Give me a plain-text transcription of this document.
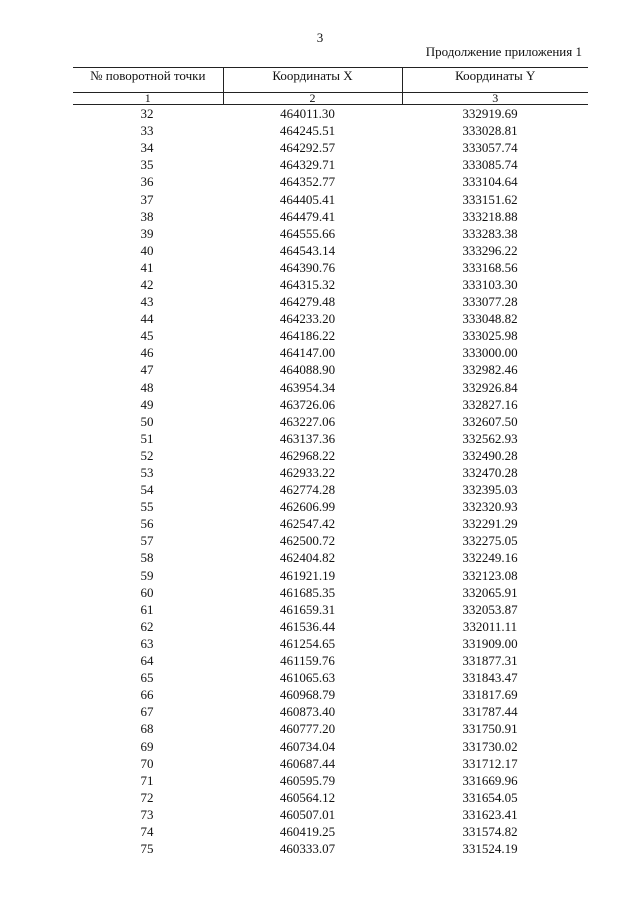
3
Продолжение приложения 1
№ поворотной точки	Координаты X	Координаты Y
1	2	3
32	464011.30	332919.69
33	464245.51	333028.81
34	464292.57	333057.74
35	464329.71	333085.74
36	464352.77	333104.64
37	464405.41	333151.62
38	464479.41	333218.88
39	464555.66	333283.38
40	464543.14	333296.22
41	464390.76	333168.56
42	464315.32	333103.30
43	464279.48	333077.28
44	464233.20	333048.82
45	464186.22	333025.98
46	464147.00	333000.00
47	464088.90	332982.46
48	463954.34	332926.84
49	463726.06	332827.16
50	463227.06	332607.50
51	463137.36	332562.93
52	462968.22	332490.28
53	462933.22	332470.28
54	462774.28	332395.03
55	462606.99	332320.93
56	462547.42	332291.29
57	462500.72	332275.05
58	462404.82	332249.16
59	461921.19	332123.08
60	461685.35	332065.91
61	461659.31	332053.87
62	461536.44	332011.11
63	461254.65	331909.00
64	461159.76	331877.31
65	461065.63	331843.47
66	460968.79	331817.69
67	460873.40	331787.44
68	460777.20	331750.91
69	460734.04	331730.02
70	460687.44	331712.17
71	460595.79	331669.96
72	460564.12	331654.05
73	460507.01	331623.41
74	460419.25	331574.82
75	460333.07	331524.19
